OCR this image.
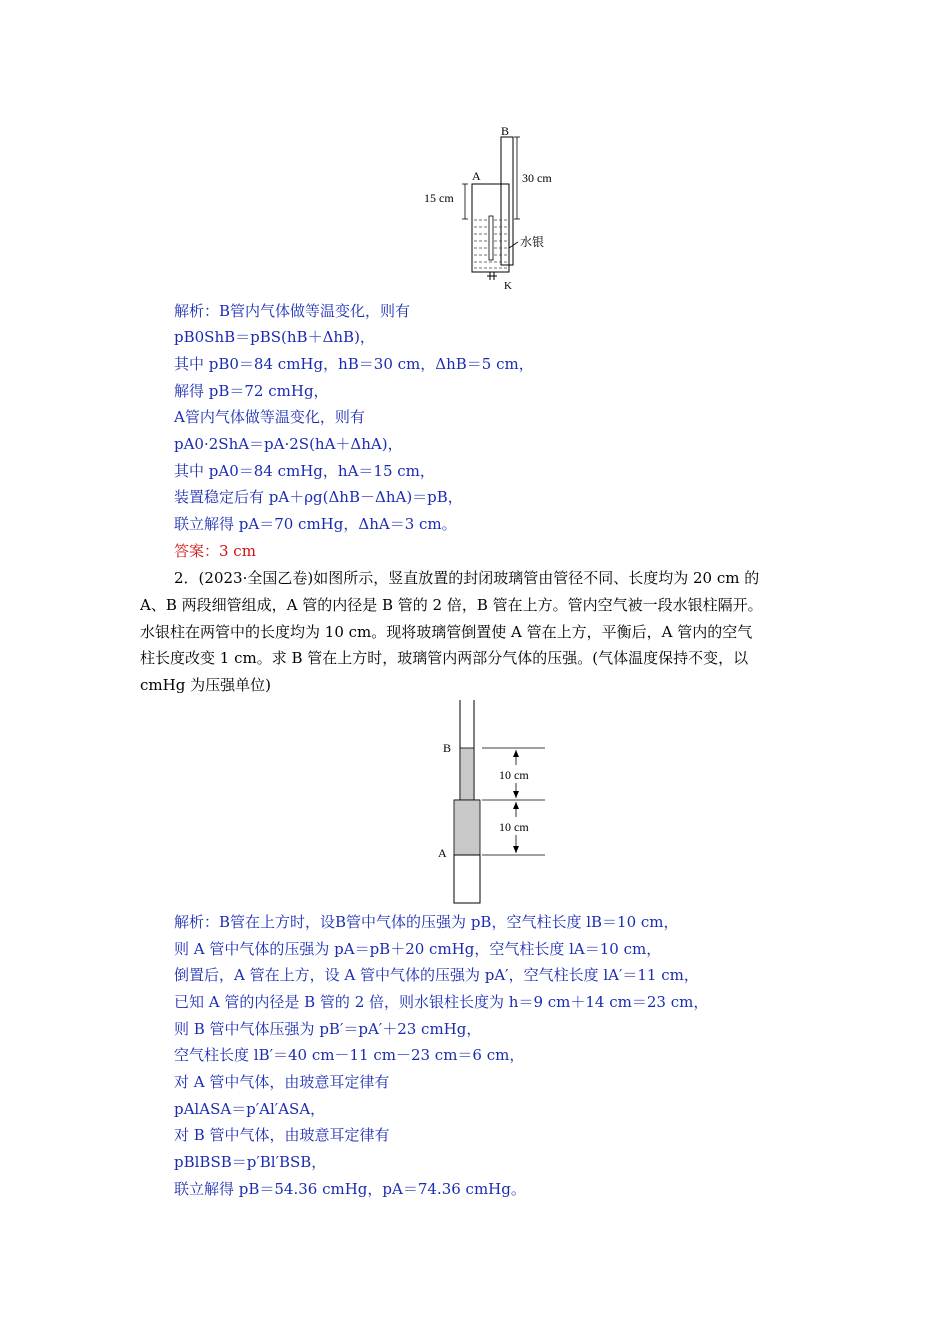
B
A	30 cm
15 cm
水银
K
解析：B管内气体做等温变化，则有
pB0ShB＝pBS(hB＋ΔhB)，
其中 pB0＝84 cmHg，hB＝30 cm，ΔhB＝5 cm，
解得 pB＝72 cmHg，
A管内气体做等温变化，则有
pA0·2ShA＝pA·2S(hA＋ΔhA)，
其中 pA0＝84 cmHg，hA＝15 cm，
装置稳定后有 pA＋ρg(ΔhB－ΔhA)＝pB，
联立解得 pA＝70 cmHg，ΔhA＝3 cm。
答案：3 cm
2．(2023·全国乙卷)如图所示，竖直放置的封闭玻璃管由管径不同、长度均为 20 cm 的
A、B 两段细管组成，A 管的内径是 B 管的 2 倍，B 管在上方。管内空气被一段水银柱隔开。
水银柱在两管中的长度均为 10 cm。现将玻璃管倒置使 A 管在上方，平衡后，A 管内的空气
柱长度改变 1 cm。求 B 管在上方时，玻璃管内两部分气体的压强。(气体温度保持不变，以
cmHg 为压强单位)
B
A
10 cm
10 cm
解析：B管在上方时，设B管中气体的压强为 pB，空气柱长度 lB＝10 cm，
则 A 管中气体的压强为 pA＝pB＋20 cmHg，空气柱长度 lA＝10 cm，
倒置后，A 管在上方，设 A 管中气体的压强为 pA′，空气柱长度 lA′＝11 cm，
已知 A 管的内径是 B 管的 2 倍，则水银柱长度为 h＝9 cm＋14 cm＝23 cm，
则 B 管中气体压强为 pB′＝pA′＋23 cmHg，
空气柱长度 lB′＝40 cm－11 cm－23 cm＝6 cm，
对 A 管中气体，由玻意耳定律有
pAlASA＝p′Al′ASA，
对 B 管中气体，由玻意耳定律有
pBlBSB＝p′Bl′BSB，
联立解得 pB＝54.36 cmHg，pA＝74.36 cmHg。
